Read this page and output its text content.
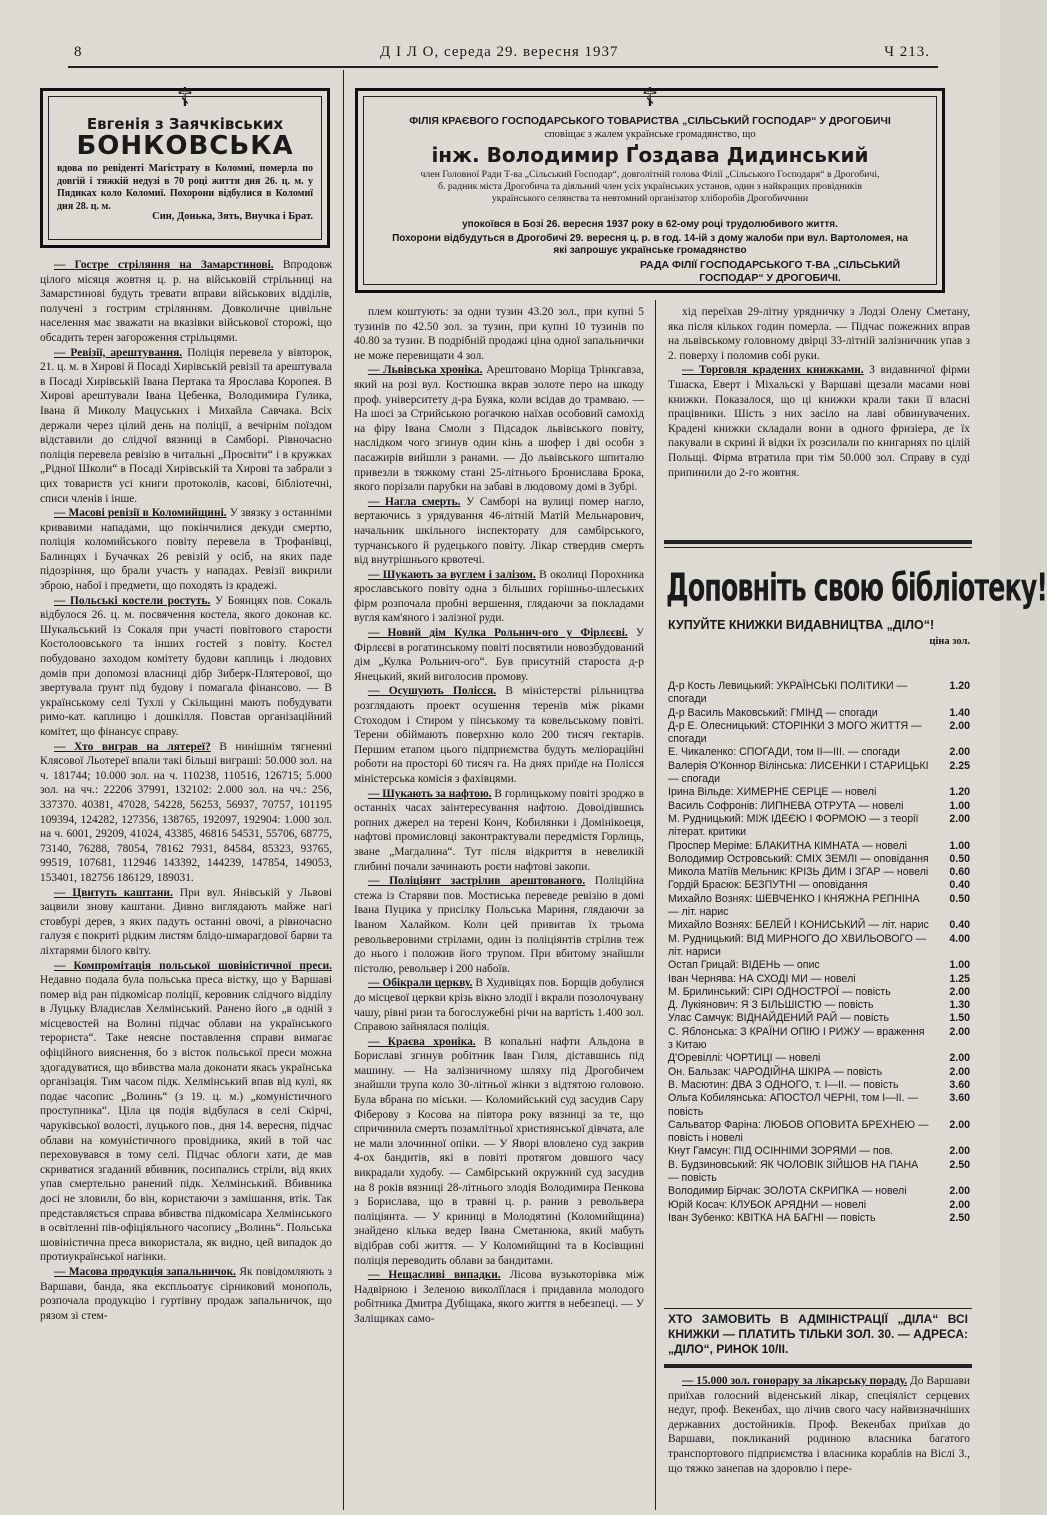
8	Д І Л О, середа 29. вересня 1937	Ч 213.
☦
Евгенія з Заячківських
БОНКОВСЬКА
вдова по ревіденті Магістрату в Коломиї, померла по довгій і тяжкій недузі в 70 році життя дня 26. ц. м. у Пядиках коло Коломиї. Похорони відбулися в Коломиї дня 28. ц. м.
Син, Донька, Зять, Внучка і Брат.
☦
ФІЛІЯ КРАЄВОГО ГОСПОДАРСЬКОГО ТОВАРИСТВА „СІЛЬСЬКИЙ ГОСПОДАР“ У ДРОГОБИЧІ
сповіщає з жалем українське громадянство, що
інж. Володимир Ґоздава Дидинський
член Головної Ради Т-ва „Сільський Господар“, довголітній голова Філії „Сільського Господаря“ в Дрогобичі, б. радник міста Дрогобича та діяльний член усіх українських установ, один з найкращих провідників українського селянства та невтомний організатор хліборобів Дрогобиччини
упокоївся в Бозі 26. вересня 1937 року в 62-ому році трудолюбивого життя.
Похорони відбудуться в Дрогобичі 29. вересня ц. р. в год. 14-ій з дому жалоби при вул. Вартоломея, на які запрошує українське громадянство
РАДА ФІЛІЇ ГОСПОДАРСЬКОГО Т-ВА „СІЛЬСЬКИЙ ГОСПОДАР“ У ДРОГОБИЧІ.

— Гостре стріляння на Замарстинові. Впродовж цілого місяця жовтня ц. р. на військовій стрільниці на Замарстинові будуть тревати вправи військових відділів, получені з гострим стрілянням. Довколичне цивільне населення має зважати на вказівки військової сторожі, що обсадить терен загороження стрільцями.

— Ревізії, арештування. Поліція перевела у вівторок, 21. ц. м. в Хирові й Посаді Хирівській ревізії та арештувала в Посаді Хирівській Івана Пертака та Ярослава Коропея. В Хирові арештували Івана Цебенка, Володимира Гулика, Івана й Миколу Мацуських і Михайла Савчака. Всіх держали через цілий день на поліції, а вечірнім поїздом відставили до слідчої вязниці в Самборі. Рівночасно поліція перевела ревізію в читальні „Просвіти“ і в кружках „Рідної Школи“ в Посаді Хирівській та Хирові та забрали з цих товариств усі книги протоколів, касові, бібліотечні, списи членів і інше.

— Масові ревізії в Коломийщині. У звязку з останніми кривавими нападами, що покінчилися декуди смертю, поліція коломийського повіту перевела в Трофанівці, Балинцях і Бучачках 26 ревізій у осіб, на яких паде підозріння, що брали участь у нападах. Ревізії викрили зброю, набої і предмети, що походять із крадежі.

— Польські костели ростуть. У Боянцях пов. Сокаль відбулося 26. ц. м. посвячення костела, якого доконав кс. Шукальський із Сокаля при участі повітового старости Костолоовського та інших гостей з повіту. Костел побудовано заходом комітету будови каплиць і людових домів при допомозі власниці дібр Зиберк-Плятерової, що звертувала ґрунт під будову і помагала фінансово. — В українському селі Тухлі у Скільщині мають побудувати римо-кат. каплицю і дошкілля. Повстав організаційний комітет, що фінансує справу.

— Хто виграв на лятереї? В нинішнім тягненні Клясової Льотереї впали такі більші виграші: 50.000 зол. на ч. 181744; 10.000 зол. на ч. 110238, 110516, 126715; 5.000 зол. на чч.: 22206 37991, 132102: 2.000 зол. на чч.: 256, 337370. 40381, 47028, 54228, 56253, 56937, 70757, 101195 109394, 124282, 127356, 138765, 192097, 192904: 1.000 зол. на ч. 6001, 29209, 41024, 43385, 46816 54531, 55706, 68775, 73140, 76288, 78054, 78162 7931, 84584, 85323, 93765, 99519, 107681, 112946 143392, 144239, 147854, 149053, 153401, 182756 186129, 189031.

— Цвитуть каштани. При вул. Янівській у Львові зацвили знову каштани. Дивно виглядають майже нагі стовбурі дерев, з яких падуть останні овочі, а рівночасно галузя є покриті рідким листям блідо-шмарагдової барви та ліхтарями білого квіту.

— Компромітація польської шовіністичної преси. Недавно подала була польська преса вістку, що у Варшаві помер від ран підкомісар поліції, керовник слідчого відділу в Луцьку Владислав Хелмінський. Ранено його „в одній з місцевостей на Волині підчас облави на українського терориста“. Таке неясне поставлення справи вимагає офіційного вияснення, бо з вісток польської преси можна здогадуватися, що вбивства мала доконати якась українська організація. Тим часом підк. Хелмінський впав від кулі, як подає часопис „Волинь“ (з 19. ц. м.) „комуністичного проступника“. Ціла ця подія відбулася в селі Скірчі, чаруківської волості, луцького пов., дня 14. вересня, підчас облави на комуністичного провідника, який в той час переховувався в тому селі. Підчас облоги хати, де мав скриватися згаданий вбивник, посипались стріли, від яких упав смертельно ранений підк. Хелмінський. Вбивника досі не зловили, бо він, користаючи з замішання, втік. Так представляється справа вбивства підкомісара Хелмінського в освітленні пів-офіціяльного часопису „Волинь“. Польська шовіністична преса використала, як видно, цей випадок до протиукраїнської нагінки.

— Масова продукція запальничок. Як повідомляють з Варшави, банда, яка експльоатує сірниковий монополь, розпочала продукцію і гуртівну продаж запальничок, що рязом зі стем-

плем коштують: за одни тузин 43.20 зол., при купні 5 тузинів по 42.50 зол. за тузин, при купні 10 тузинів по 40.80 за тузин. В подрібній продажі ціна одної запальнички не може перевищати 4 зол.

— Львівська хроніка. Арештовано Моріца Трінкгавза, який на розі вул. Костюшка вкрав золоте перо на шкоду проф. університету д-ра Буяка, коли всідав до трамваю. — На шосі за Стрийською рогачкою наїхав особовий самохід на фіру Івана Смоли з Підсадок львівського повіту, наслідком чого згинув один кінь а шофер і дві особи з пасажирів вийшли з ранами. — До львівського шпиталю привезли в тяжкому стані 25-літнього Бронислава Брока, якого порізали парубки на забаві в людовому домі в Зубрі.

— Нагла смерть. У Самборі на вулиці помер нагло, вертаючись з урядування 46-літній Матій Мельнарович, начальник шкільного інспекторату для самбірського, турчанського й рудецького повіту. Лікар ствердив смерть від внутрішнього крвотечі.

— Шукають за вуглем і залізом. В околиці Порохника ярославського повіту одна з більших горішньо-шлеських фірм розпочала пробні вершення, глядаючи за покладами вугля кам'яного і залізної руди.

— Новий дім Кулка Рольнич-ого у Фірлєєві. У Фірлєєві в рогатинському повіті посвятили новозбудований дім „Кулка Рольнич-ого“. Був присутній староста д-р Янецький, який виголосив промову.

— Осушують Полісся. В міністерстві рільництва розглядають проект осушення теренів між ріками Стоходом і Стиром у пінському та ковельському повіті. Терени обіймають поверхню коло 200 тисяч гектарів. Першим етапом цього підприємства будуть меліораційні роботи на просторі 60 тисяч га. На днях приїде на Полісся міністерська комісія з фахівцями.

— Шукають за нафтою. В горлицькому повіті зроджо в останніх часах заінтересування нафтою. Довоідівшись ропних джерел на терені Конч, Кобилянки і Домінікоеця, нафтові промисловці законтрактували передмістя Горлиць, зване „Магдалина“. Тут після відкриття в невеликій глибині почали зачинають роєти нафтові закопи.

— Поліціянт застрілив арештованого. Поліційна стежа із Старяви пов. Мостиська переведе ревізію в домі Івана Пуцика у присілку Польська Мариня, глядаючи за Іваном Халайком. Коли цей привитав їх трьома револьверовими стрілами, один із поліціянтів стрілив теж до нього і положив його трупом. При вбитому знайшли пістолю, револьвер і 200 набоїв.

— Обікрали церкву. В Худивіцях пов. Борщів добулися до місцевої церкви крізь вікно злодії і вкрали позолочувану чашу, рівні ризи та богослужебні річи на вартість 1.400 зол. Справою зайнялася поліція.

— Краєва хроніка. В копальні нафти Альдона в Бориславі згинув робітник Іван Гиля, діставшись під машину. — На залізничному шляху під Дрогобичем знайшли трупа коло 30-літньої жінки з відтятою головою. Була вбрана по міськи. — Коломийський суд засудив Сару Фіберову з Косова на півтора року вязниці за те, що спричинила смерть позамлітньої християнської дівчата, але не мали злочинної опіки. — У Яворі вловлено суд закрив 4-ох бандитів, які в повіті протягом довшого часу викрадали худобу. — Самбірський окружний суд засудив на 8 років вязниці 28-літнього злодія Володимира Пенкова з Борислава, що в травні ц. р. ранив з револьвера поліціянта. — У криниці в Молодятині (Коломийщина) знайдено кілька ведер Івана Сметанюка, який мабуть відібрав собі життя. — У Коломийщині та в Косівщині поліція переводить облави за бандитами.

— Нещасливі випадки. Лісова вузькоторівка між Надвірною і Зеленою виколїїлася і придавила молодого робітника Дмитра Дубіщака, якого життя в небезпеці. — У Заліщиках само-

хід переїхав 29-літну урядничку з Лодзі Олену Сметану, яка після кількох годин померла. — Підчас пожежних вправ на львівському головному двірці 33-літній залізничник упав з 2. поверху і поломив собі руки.

— Торговля крадених книжками. З видавничої фірми Тшаска, Еверт і Міхальскі у Варшаві щезали масами нові книжки. Показалося, що ці книжки крали таки її власні працівники. Шість з них засіло на лаві обвинувачених. Крадені книжки складали вони в одного фризіера, де їх пакували в скрині й відки їх розсилали по книгарнях по цілій Польщі. Фірма втратила при тім 50.000 зол. Справу в суді припинили до 2-го жовтня.

Доповніть свою бібліотеку!
КУПУЙТЕ КНИЖКИ ВИДАВНИЦТВА „ДІЛО“!
ціна зол.
Д-р Кость Левицький: УКРАЇНСЬКІ ПОЛІТИКИ — спогади
1.20
Д-р Василь Маковський: ГМІНД — спогади	1.40
Д-р Е. Олесницький: СТОРІНКИ З МОГО ЖИТТЯ — спогади
2.00
Е. Чикаленко: СПОГАДИ, том II—III. — спогади	2.00
Валерія О'Коннор Вілінська: ЛИСЕНКИ І СТАРИЦЬКІ — спогади
2.25
Ірина Вільде: ХИМЕРНЕ СЕРЦЕ — новелі	1.20
Василь Софронів: ЛИПНЕВА ОТРУТА — новелі	1.00
М. Рудницький: МІЖ ІДЕЄЮ І ФОРМОЮ — з теорії літерат. критики
2.00
Проспер Меріме: БЛАКИТНА КІМНАТА — новелі	1.00
Володимир Островський: СМІХ ЗЕМЛІ — оповідання	0.50
Микола Матіїв Мельник: КРІЗЬ ДИМ І ЗГАР — новелі	0.60
Гордій Брасюк: БЕЗПУТНІ — оповідання	0.40
Михайло Вознях: ШЕВЧЕНКО І КНЯЖНА РЕПНІНА — літ. нарис
0.50
Михайло Вознях: БЕЛЕЙ І КОНИСЬКИЙ — літ. нарис	0.40
М. Рудницький: ВІД МИРНОГО ДО ХВИЛЬОВОГО — літ. нариси
4.00
Остап Грицай: ВІДЕНЬ — опис	1.00
Іван Чернява: НА СХОДІ МИ — новелі	1.25
М. Брилинський: СІРІ ОДНОСТРОЇ — повість	2.00
Д. Лукіянович: Я З БІЛЬШІСТЮ — повість	1.30
Улас Самчук: ВІДНАЙДЕНИЙ РАЙ — повість	1.50
С. Яблонська: З КРАЇНИ ОПІЮ І РИЖУ — враження з Китаю
2.00
Д'Оревіллі: ЧОРТИЦІ — новелі	2.00
Он. Бальзак: ЧАРОДІЙНА ШКІРА — повість	2.00
В. Масютин: ДВА З ОДНОГО, т. I—II. — повість	3.60
Ольга Кобилянська: АПОСТОЛ ЧЕРНІ, том I—II. — повість
3.60
Сальватор Фаріна: ЛЮБОВ ОПОВИТА БРЕХНЕЮ — повість і новелі
2.00
Кнут Гамсун: ПІД ОСІННІМИ ЗОРЯМИ — пов.	2.00
В. Будзиновський: ЯК ЧОЛОВІК ЗІЙШОВ НА ПАНА — повість
2.50
Володимир Бірчак: ЗОЛОТА СКРИПКА — новелі	2.00
Юрій Косач: КЛУБОК АРЯДНИ — новелі	2.00
Іван Зубенко: КВІТКА НА БАГНІ — повість	2.50
ХТО ЗАМОВИТЬ В АДМІНІСТРАЦІЇ „ДІЛА“ ВСІ КНИЖКИ — ПЛАТИТЬ ТІЛЬКИ ЗОЛ. 30. — АДРЕСА: „ДІЛО“, РИНОК 10/II.

— 15.000 зол. гонорару за лікарську пораду. До Варшави приїхав голосний віденський лікар, спеціяліст серцевих недуг, проф. Векенбах, що лічив свого часу найвизначніших державних достойників. Проф. Векенбах приїхав до Варшави, покликаний родиною власника багатого транспортового підприємства і власника кораблів на Віслі З., що тяжко занепав на здоровлю і пере-
